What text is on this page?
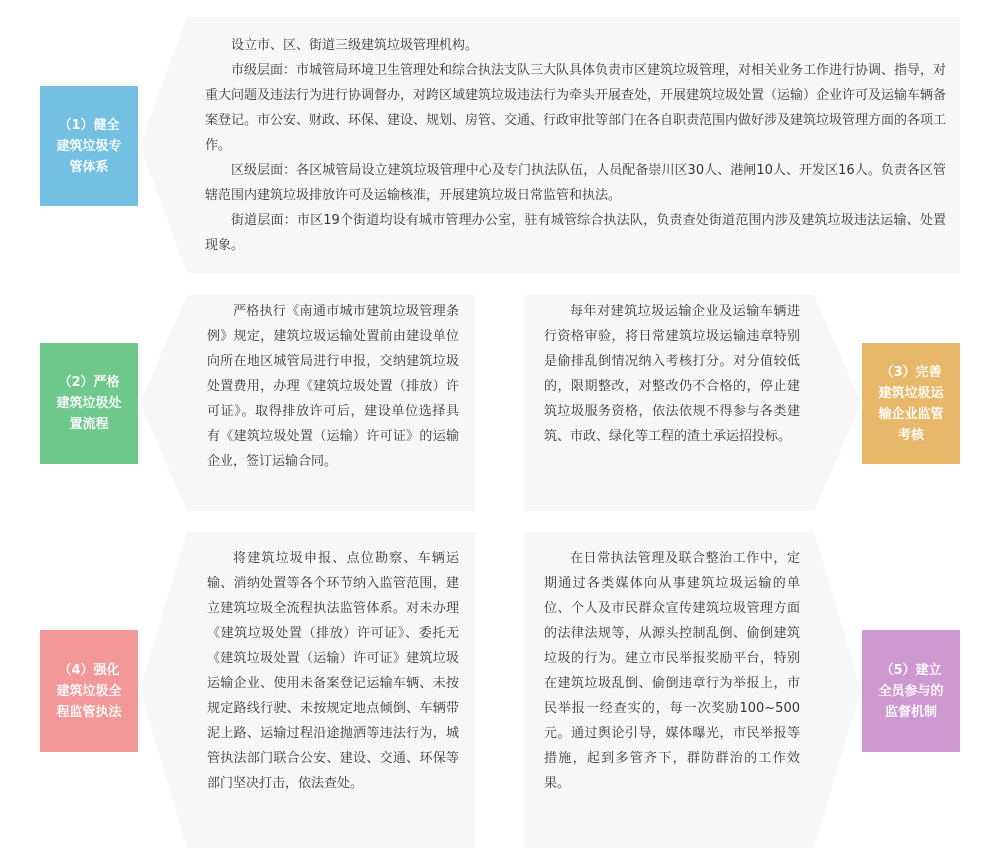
设立市、区、街道三级建筑垃圾管理机构。

市级层面：市城管局环境卫生管理处和综合执法支队三大队具体负责市区建筑垃圾管理，对相关业务工作进行协调、指导，对重大问题及违法行为进行协调督办，对跨区域建筑垃圾违法行为牵头开展查处，开展建筑垃圾处置（运输）企业许可及运输车辆备案登记。市公安、财政、环保、建设、规划、房管、交通、行政审批等部门在各自职责范围内做好涉及建筑垃圾管理方面的各项工作。

区级层面：各区城管局设立建筑垃圾管理中心及专门执法队伍，人员配备崇川区30人、港闸10人、开发区16人。负责各区管辖范围内建筑垃圾排放许可及运输核准，开展建筑垃圾日常监管和执法。

街道层面：市区19个街道均设有城市管理办公室，驻有城管综合执法队，负责查处街道范围内涉及建筑垃圾违法运输、处置现象。

（1）健全建筑垃圾专管体系

严格执行《南通市城市建筑垃圾管理条例》规定，建筑垃圾运输处置前由建设单位向所在地区城管局进行申报，交纳建筑垃圾处置费用，办理《建筑垃圾处置（排放）许可证》。取得排放许可后，建设单位选择具有《建筑垃圾处置（运输）许可证》的运输企业，签订运输合同。

（2）严格建筑垃圾处置流程

每年对建筑垃圾运输企业及运输车辆进行资格审验，将日常建筑垃圾运输违章特别是偷排乱倒情况纳入考核打分。对分值较低的，限期整改，对整改仍不合格的，停止建筑垃圾服务资格，依法依规不得参与各类建筑、市政、绿化等工程的渣土承运招投标。

（3）完善建筑垃圾运输企业监管考核

将建筑垃圾申报、点位勘察、车辆运输、消纳处置等各个环节纳入监管范围，建立建筑垃圾全流程执法监管体系。对未办理《建筑垃圾处置（排放）许可证》、委托无《建筑垃圾处置（运输）许可证》建筑垃圾运输企业、使用未备案登记运输车辆、未按规定路线行驶、未按规定地点倾倒、车辆带泥上路、运输过程沿途抛洒等违法行为，城管执法部门联合公安、建设、交通、环保等部门坚决打击，依法查处。

（4）强化建筑垃圾全程监管执法

在日常执法管理及联合整治工作中，定期通过各类媒体向从事建筑垃圾运输的单位、个人及市民群众宣传建筑垃圾管理方面的法律法规等，从源头控制乱倒、偷倒建筑垃圾的行为。建立市民举报奖励平台，特别在建筑垃圾乱倒、偷倒违章行为举报上，市民举报一经查实的，每一次奖励100~500元。通过舆论引导，媒体曝光，市民举报等措施，起到多管齐下，群防群治的工作效果。

（5）建立全员参与的监督机制
